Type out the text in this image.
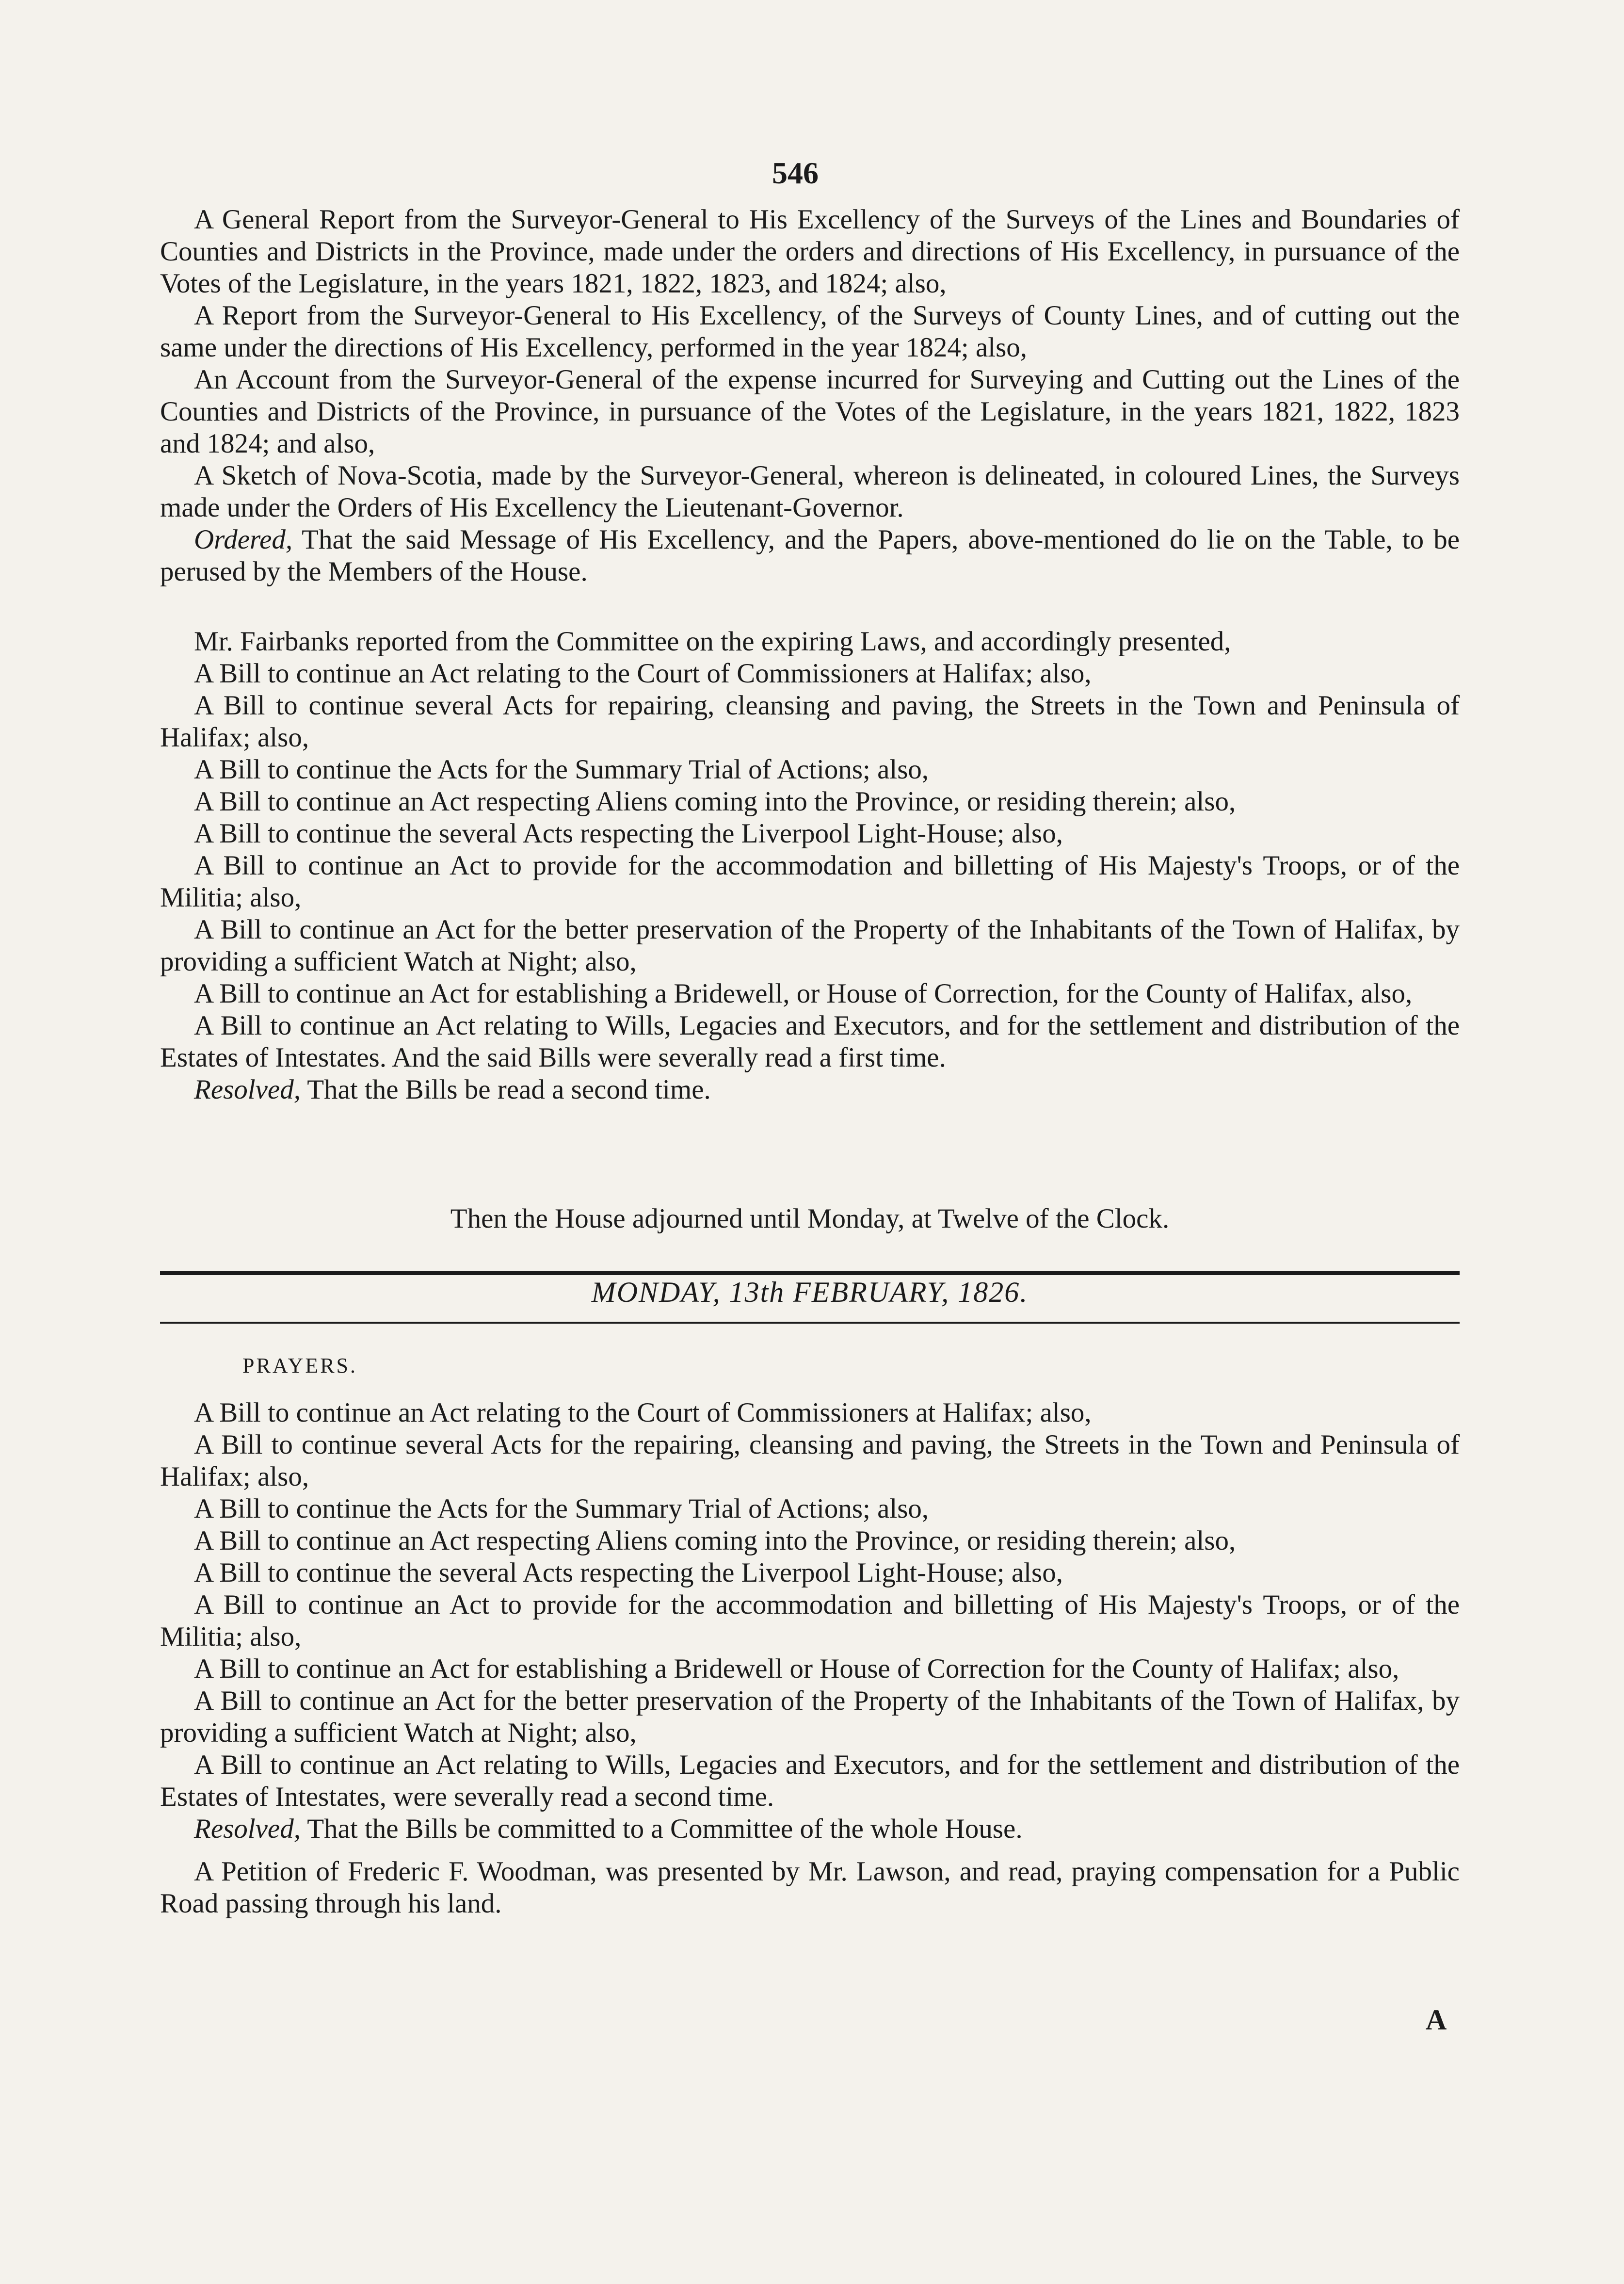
546

A General Report from the Surveyor-General to His Excellency of the Surveys of the Lines and Boundaries of Counties and Districts in the Province, made under the orders and directions of His Excellency, in pursuance of the Votes of the Legislature, in the years 1821, 1822, 1823, and 1824; also,

A Report from the Surveyor-General to His Excellency, of the Surveys of County Lines, and of cutting out the same under the directions of His Excellency, performed in the year 1824; also,

An Account from the Surveyor-General of the expense incurred for Surveying and Cutting out the Lines of the Counties and Districts of the Province, in pursuance of the Votes of the Legislature, in the years 1821, 1822, 1823 and 1824; and also,

A Sketch of Nova-Scotia, made by the Surveyor-General, whereon is delineated, in coloured Lines, the Surveys made under the Orders of His Excellency the Lieutenant-Governor.

Ordered, That the said Message of His Excellency, and the Papers, above-mentioned do lie on the Table, to be perused by the Members of the House.

Mr. Fairbanks reported from the Committee on the expiring Laws, and accordingly presented,

A Bill to continue an Act relating to the Court of Commissioners at Halifax; also,

A Bill to continue several Acts for repairing, cleansing and paving, the Streets in the Town and Peninsula of Halifax; also,

A Bill to continue the Acts for the Summary Trial of Actions; also,

A Bill to continue an Act respecting Aliens coming into the Province, or residing therein; also,

A Bill to continue the several Acts respecting the Liverpool Light-House; also,

A Bill to continue an Act to provide for the accommodation and billetting of His Majesty's Troops, or of the Militia; also,

A Bill to continue an Act for the better preservation of the Property of the Inhabitants of the Town of Halifax, by providing a sufficient Watch at Night; also,

A Bill to continue an Act for establishing a Bridewell, or House of Correction, for the County of Halifax, also,

A Bill to continue an Act relating to Wills, Legacies and Executors, and for the settlement and distribution of the Estates of Intestates. And the said Bills were severally read a first time.

Resolved, That the Bills be read a second time.

Then the House adjourned until Monday, at Twelve of the Clock.

MONDAY, 13th FEBRUARY, 1826.
PRAYERS.

A Bill to continue an Act relating to the Court of Commissioners at Halifax; also,

A Bill to continue several Acts for the repairing, cleansing and paving, the Streets in the Town and Peninsula of Halifax; also,

A Bill to continue the Acts for the Summary Trial of Actions; also,

A Bill to continue an Act respecting Aliens coming into the Province, or residing therein; also,

A Bill to continue the several Acts respecting the Liverpool Light-House; also,

A Bill to continue an Act to provide for the accommodation and billetting of His Majesty's Troops, or of the Militia; also,

A Bill to continue an Act for establishing a Bridewell or House of Correction for the County of Halifax; also,

A Bill to continue an Act for the better preservation of the Property of the Inhabitants of the Town of Halifax, by providing a sufficient Watch at Night; also,

A Bill to continue an Act relating to Wills, Legacies and Executors, and for the settlement and distribution of the Estates of Intestates, were severally read a second time.

Resolved, That the Bills be committed to a Committee of the whole House.

A Petition of Frederic F. Woodman, was presented by Mr. Lawson, and read, praying compensation for a Public Road passing through his land.

A
